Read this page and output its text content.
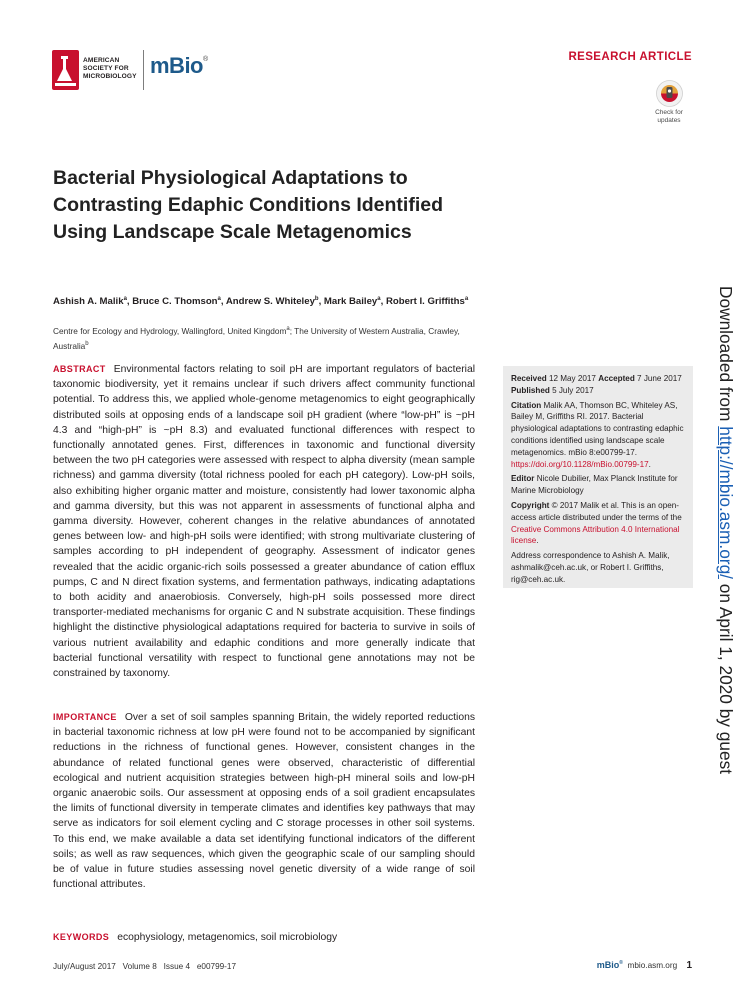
AMERICAN
SOCIETY FOR
MICROBIOLOGY mBio®	RESEARCH ARTICLE
Check for
updates
Bacterial Physiological Adaptations to Contrasting Edaphic Conditions Identified Using Landscape Scale Metagenomics
Ashish A. Malik$^a$, Bruce C. Thomson$^a$, Andrew S. Whiteley$^b$, Mark Bailey$^a$, Robert I. Griffiths$^a$
Centre for Ecology and Hydrology, Wallingford, United Kingdom$^a$; The University of Western Australia, Crawley, Australia$^b$
ABSTRACT Environmental factors relating to soil pH are important regulators of bacterial taxonomic biodiversity, yet it remains unclear if such drivers affect community functional potential. To address this, we applied whole-genome metagenomics to eight geographically distributed soils at opposing ends of a landscape soil pH gradient (where “low-pH” is ~pH 4.3 and “high-pH” is ~pH 8.3) and evaluated functional differences with respect to functionally annotated genes. First, differences in taxonomic and functional diversity between the two pH categories were assessed with respect to alpha diversity (mean sample richness) and gamma diversity (total richness pooled for each pH category). Low-pH soils, also exhibiting higher organic matter and moisture, consistently had lower taxonomic alpha and gamma diversity, but this was not apparent in assessments of functional alpha and gamma diversity. However, coherent changes in the relative abundances of annotated genes between low- and high-pH soils were identified; with strong multivariate clustering of samples according to pH independent of geography. Assessment of indicator genes revealed that the acidic organic-rich soils possessed a greater abundance of cation efflux pumps, C and N direct fixation systems, and fermentation pathways, indicating adaptations to both acidity and anaerobiosis. Conversely, high-pH soils possessed more direct transporter-mediated mechanisms for organic C and N substrate acquisition. These findings highlight the distinctive physiological adaptations required for bacteria to survive in soils of various nutrient availability and edaphic conditions and more generally indicate that bacterial functional versatility with respect to functional gene annotations may not be constrained by taxonomy.
IMPORTANCE Over a set of soil samples spanning Britain, the widely reported reductions in bacterial taxonomic richness at low pH were found not to be accompanied by significant reductions in the richness of functional genes. However, consistent changes in the abundance of related functional genes were observed, characteristic of differential ecological and nutrient acquisition strategies between high-pH mineral soils and low-pH organic anaerobic soils. Our assessment at opposing ends of a soil gradient encapsulates the limits of functional diversity in temperate climates and identifies key pathways that may serve as indicators for soil element cycling and C storage processes in other soil systems. To this end, we make available a data set identifying functional indicators of the different soils; as well as raw sequences, which given the geographic scale of our sampling should be of value in future studies assessing novel genetic diversity of a wide range of soil functional attributes.
KEYWORDS ecophysiology, metagenomics, soil microbiology
Received 12 May 2017 Accepted 7 June 2017 Published 5 July 2017
Citation Malik AA, Thomson BC, Whiteley AS, Bailey M, Griffiths RI. 2017. Bacterial physiological adaptations to contrasting edaphic conditions identified using landscape scale metagenomics. mBio 8:e00799-17. https://doi.org/10.1128/mBio.00799-17.
Editor Nicole Dubilier, Max Planck Institute for Marine Microbiology
Copyright © 2017 Malik et al. This is an open-access article distributed under the terms of the Creative Commons Attribution 4.0 International license.
Address correspondence to Ashish A. Malik, ashmalik@ceh.ac.uk, or Robert I. Griffiths, rig@ceh.ac.uk.
Downloaded from http://mbio.asm.org/ on April 1, 2020 by guest
July/August 2017 Volume 8 Issue 4 e00799-17	mBio® mbio.asm.org 1
